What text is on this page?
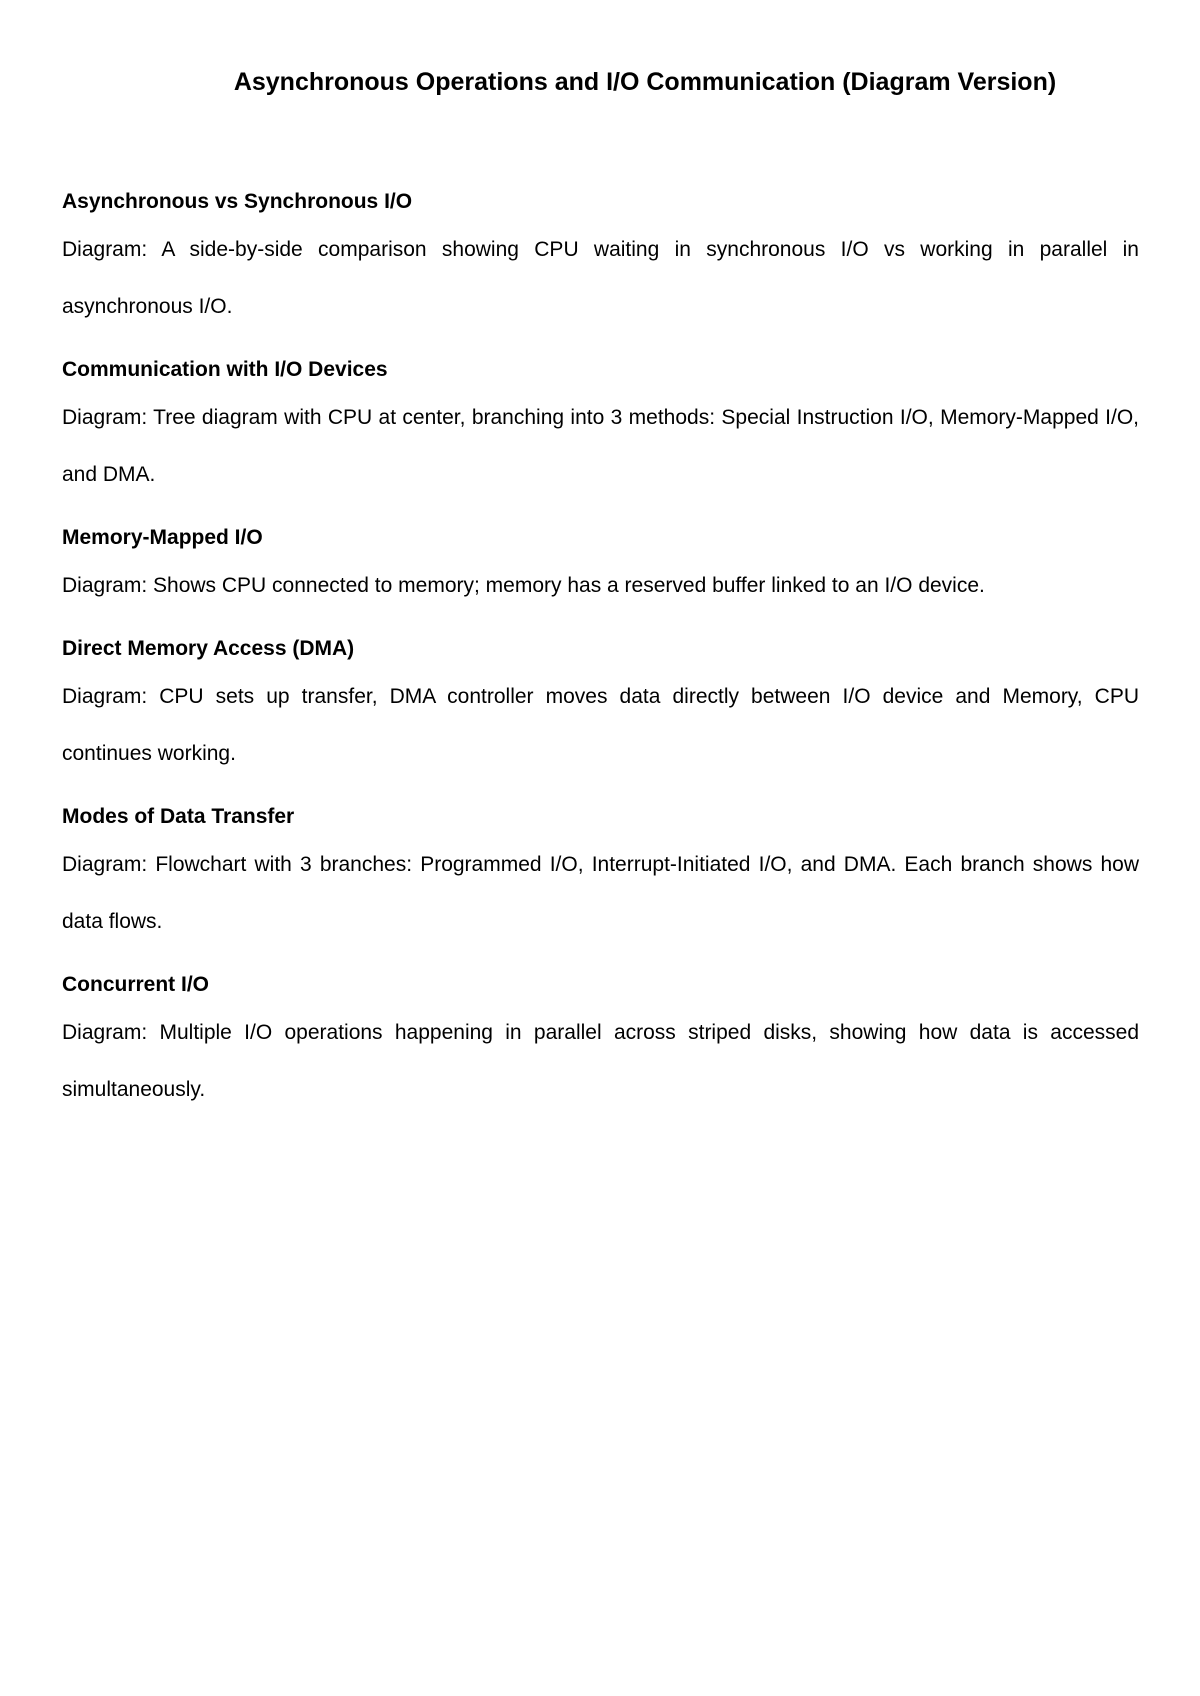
Asynchronous Operations and I/O Communication (Diagram Version)

Asynchronous vs Synchronous I/O

Diagram: A side-by-side comparison showing CPU waiting in synchronous I/O vs working in parallel in asynchronous I/O.

Communication with I/O Devices

Diagram: Tree diagram with CPU at center, branching into 3 methods: Special Instruction I/O, Memory-Mapped I/O, and DMA.

Memory-Mapped I/O

Diagram: Shows CPU connected to memory; memory has a reserved buffer linked to an I/O device.

Direct Memory Access (DMA)

Diagram: CPU sets up transfer, DMA controller moves data directly between I/O device and Memory, CPU continues working.

Modes of Data Transfer

Diagram: Flowchart with 3 branches: Programmed I/O, Interrupt-Initiated I/O, and DMA. Each branch shows how data flows.

Concurrent I/O

Diagram: Multiple I/O operations happening in parallel across striped disks, showing how data is accessed simultaneously.
